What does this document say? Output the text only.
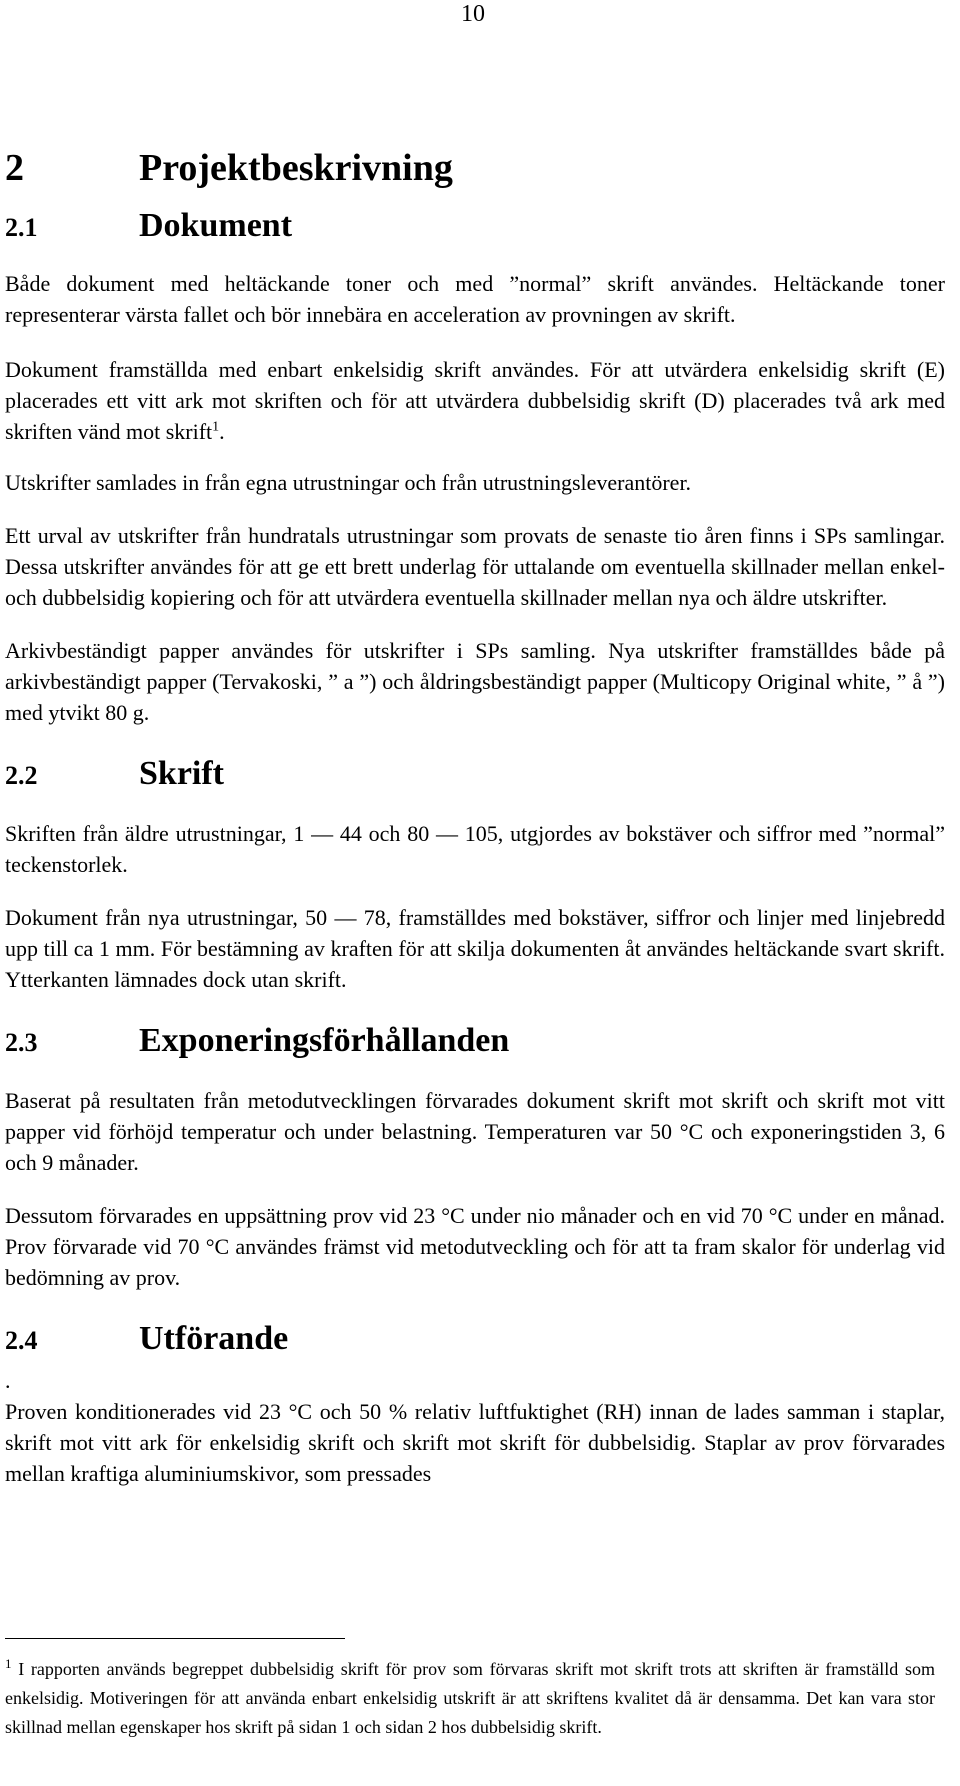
10
2	Projektbeskrivning
2.1	Dokument

Både dokument med heltäckande toner och med ”normal” skrift användes. Heltäckande toner representerar värsta fallet och bör innebära en acceleration av provningen av skrift.

Dokument framställda med enbart enkelsidig skrift användes. För att utvärdera enkelsidig skrift (E) placerades ett vitt ark mot skriften och för att utvärdera dubbelsidig skrift (D) placerades två ark med skriften vänd mot skrift$^1$.

Utskrifter samlades in från egna utrustningar och från utrustningsleverantörer.

Ett urval av utskrifter från hundratals utrustningar som provats de senaste tio åren finns i SPs samlingar. Dessa utskrifter användes för att ge ett brett underlag för uttalande om eventuella skillnader mellan enkel- och dubbelsidig kopiering och för att utvärdera eventuella skillnader mellan nya och äldre utskrifter.

Arkivbeständigt papper användes för utskrifter i SPs samling. Nya utskrifter framställdes både på arkivbeständigt papper (Tervakoski, ” a ”) och åldringsbeständigt papper (Multicopy Original white, ” å ”) med ytvikt 80 g.

2.2	Skrift

Skriften från äldre utrustningar, 1 — 44 och 80 — 105, utgjordes av bokstäver och siffror med ”normal” teckenstorlek.

Dokument från nya utrustningar, 50 — 78, framställdes med bokstäver, siffror och linjer med linjebredd upp till ca 1 mm. För bestämning av kraften för att skilja dokumenten åt användes heltäckande svart skrift. Ytterkanten lämnades dock utan skrift.

2.3	Exponeringsförhållanden

Baserat på resultaten från metodutvecklingen förvarades dokument skrift mot skrift och skrift mot vitt papper vid förhöjd temperatur och under belastning. Temperaturen var 50 °C och exponeringstiden 3, 6 och 9 månader.

Dessutom förvarades en uppsättning prov vid 23 °C under nio månader och en vid 70 °C under en månad. Prov förvarade vid 70 °C användes främst vid metodutveckling och för att ta fram skalor för underlag vid bedömning av prov.

2.4	Utförande

.

Proven konditionerades vid 23 °C och 50 % relativ luftfuktighet (RH) innan de lades samman i staplar, skrift mot vitt ark för enkelsidig skrift och skrift mot skrift för dubbelsidig. Staplar av prov förvarades mellan kraftiga aluminiumskivor, som pressades

$^1$ I rapporten används begreppet dubbelsidig skrift för prov som förvaras skrift mot skrift trots att skriften är framställd som enkelsidig. Motiveringen för att använda enbart enkelsidig utskrift är att skriftens kvalitet då är densamma. Det kan vara stor skillnad mellan egenskaper hos skrift på sidan 1 och sidan 2 hos dubbelsidig skrift.
